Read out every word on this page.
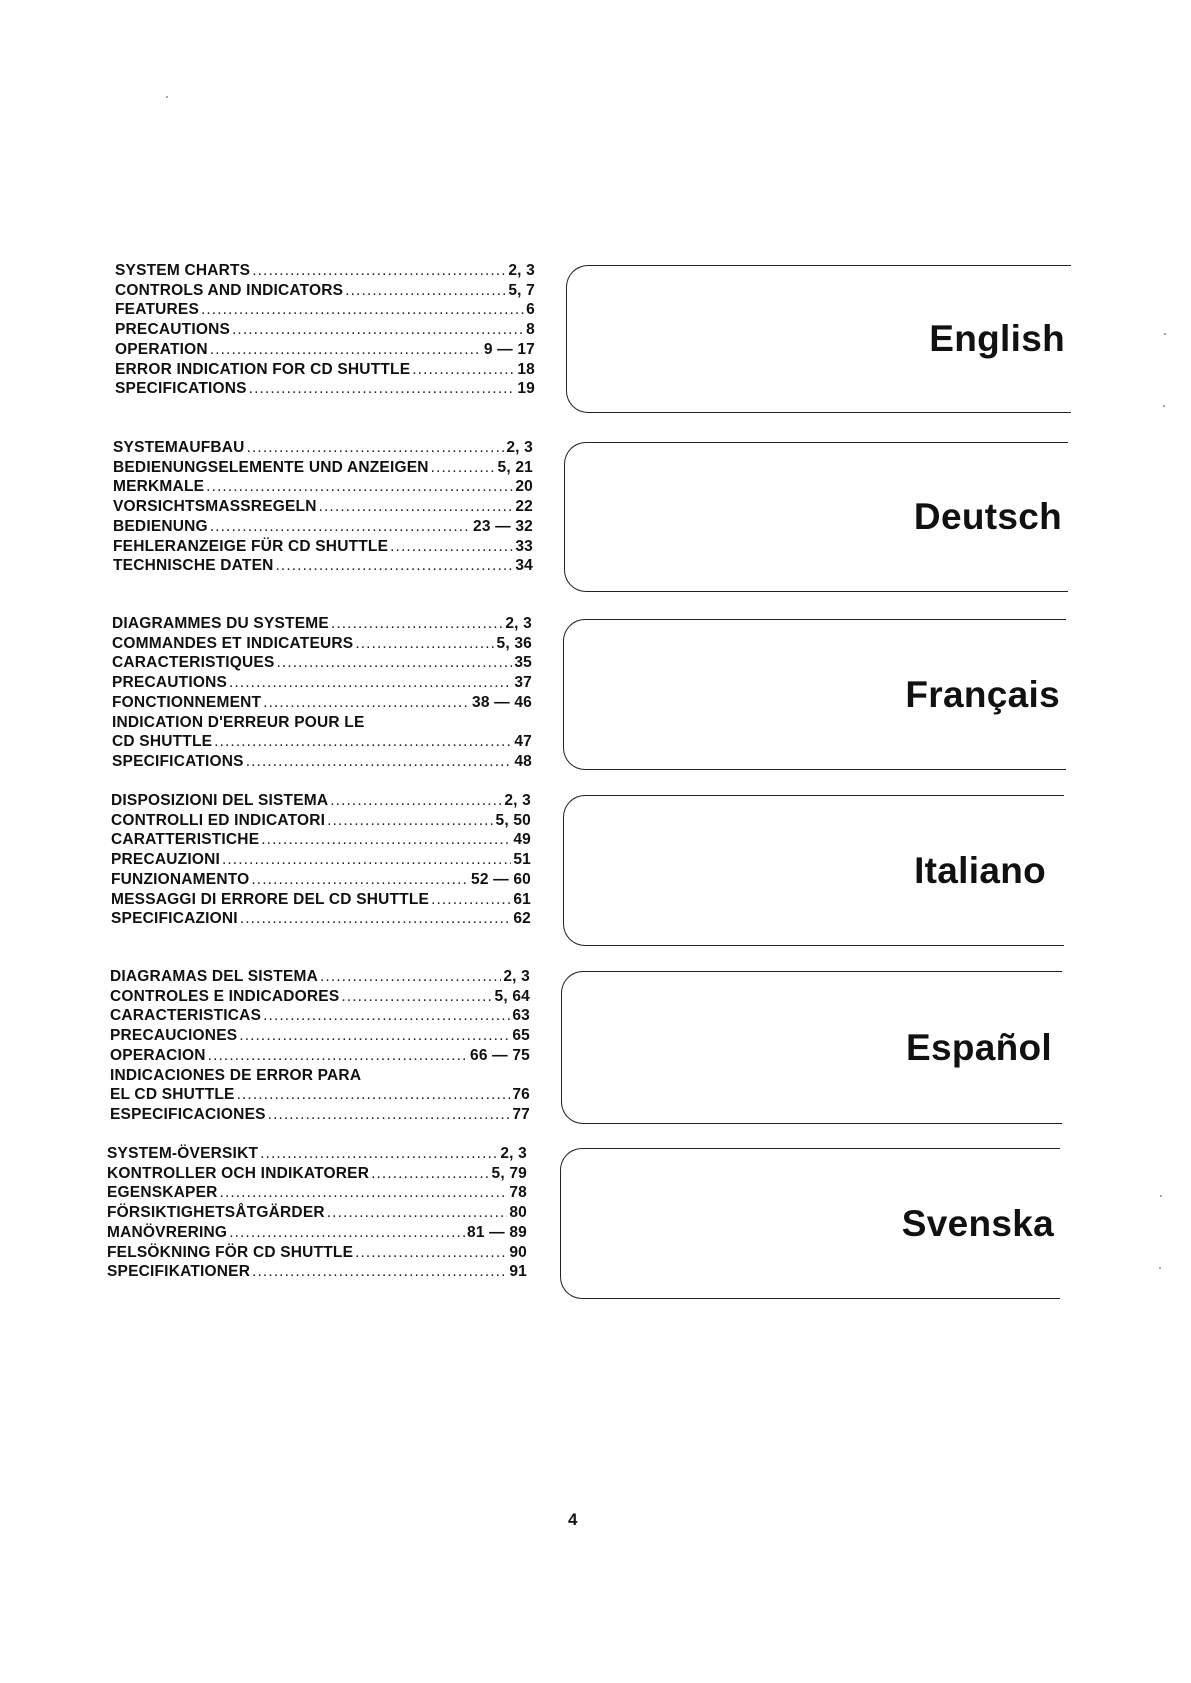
SYSTEM CHARTS . . .	2, 3
CONTROLS AND INDICATORS . . .	5, 7
FEATURES . . .	6
PRECAUTIONS . . .	8
OPERATION . . .	9 — 17
ERROR INDICATION FOR CD SHUTTLE . . .	18
SPECIFICATIONS . . .	19
English
SYSTEMAUFBAU . . .	2, 3
BEDIENUNGSELEMENTE UND ANZEIGEN . . .	5, 21
MERKMALE . . .	20
VORSICHTSMASSREGELN . . .	22
BEDIENUNG . . .	23 — 32
FEHLERANZEIGE FÜR CD SHUTTLE . . .	33
TECHNISCHE DATEN . . .	34
Deutsch
DIAGRAMMES DU SYSTEME . . .	2, 3
COMMANDES ET INDICATEURS . . .	5, 36
CARACTERISTIQUES . . .	35
PRECAUTIONS . . .	37
FONCTIONNEMENT . . .	38 — 46
INDICATION D'ERREUR POUR LE
CD SHUTTLE . . .	47
SPECIFICATIONS . . .	48
Français
DISPOSIZIONI DEL SISTEMA . . .	2, 3
CONTROLLI ED INDICATORI . . .	5, 50
CARATTERISTICHE . . .	49
PRECAUZIONI . . .	51
FUNZIONAMENTO . . .	52 — 60
MESSAGGI DI ERRORE DEL CD SHUTTLE . . .	61
SPECIFICAZIONI . . .	62
Italiano
DIAGRAMAS DEL SISTEMA . . .	2, 3
CONTROLES E INDICADORES . . .	5, 64
CARACTERISTICAS . . .	63
PRECAUCIONES . . .	65
OPERACION . . .	66 — 75
INDICACIONES DE ERROR PARA
EL CD SHUTTLE . . .	76
ESPECIFICACIONES . . .	77
Español
SYSTEM-ÖVERSIKT . . .	2, 3
KONTROLLER OCH INDIKATORER . . .	5, 79
EGENSKAPER . . .	78
FÖRSIKTIGHETSÅTGÄRDER . . .	80
MANÖVRERING . . .	81 — 89
FELSÖKNING FÖR CD SHUTTLE . . .	90
SPECIFIKATIONER . . .	91
Svenska
4
